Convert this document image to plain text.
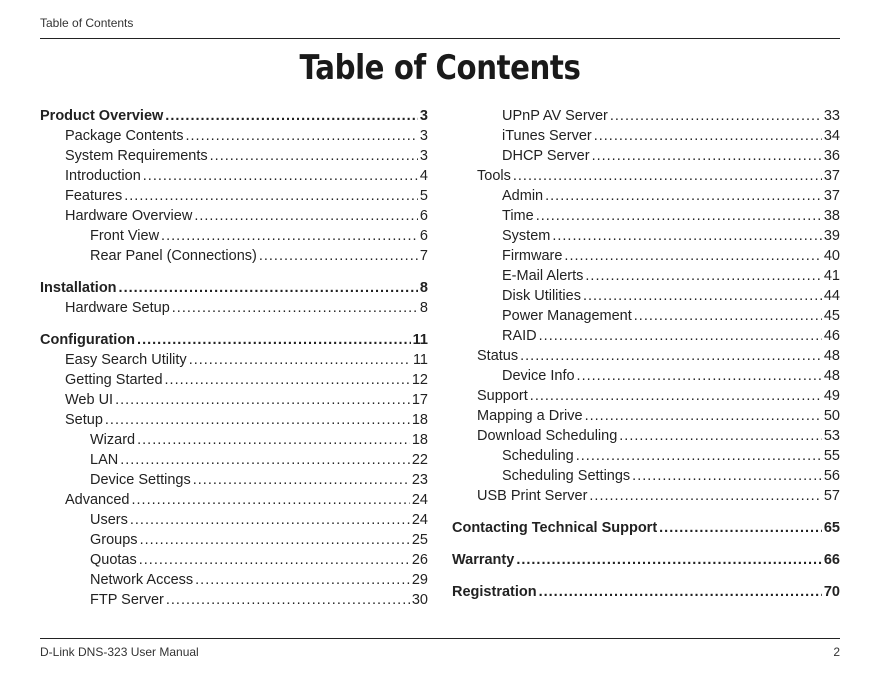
Table of Contents
Table of Contents
Product Overview .....	3
Package Contents .....	3
System Requirements .....	3
Introduction .....	4
Features .....	5
Hardware Overview .....	6
Front View .....	6
Rear Panel (Connections) .....	7
Installation .....	8
Hardware Setup .....	8
Configuration .....	11
Easy Search Utility .....	11
Getting Started .....	12
Web UI .....	17
Setup .....	18
Wizard .....	18
LAN .....	22
Device Settings .....	23
Advanced .....	24
Users .....	24
Groups .....	25
Quotas .....	26
Network Access .....	29
FTP Server .....	30
UPnP AV Server .....	33
iTunes Server .....	34
DHCP Server .....	36
Tools .....	37
Admin .....	37
Time .....	38
System .....	39
Firmware .....	40
E-Mail Alerts .....	41
Disk Utilities .....	44
Power Management .....	45
RAID .....	46
Status .....	48
Device Info .....	48
Support .....	49
Mapping a Drive .....	50
Download Scheduling .....	53
Scheduling .....	55
Scheduling Settings .....	56
USB Print Server .....	57
Contacting Technical Support .....	65
Warranty .....	66
Registration .....	70
D-Link DNS-323 User Manual	2
